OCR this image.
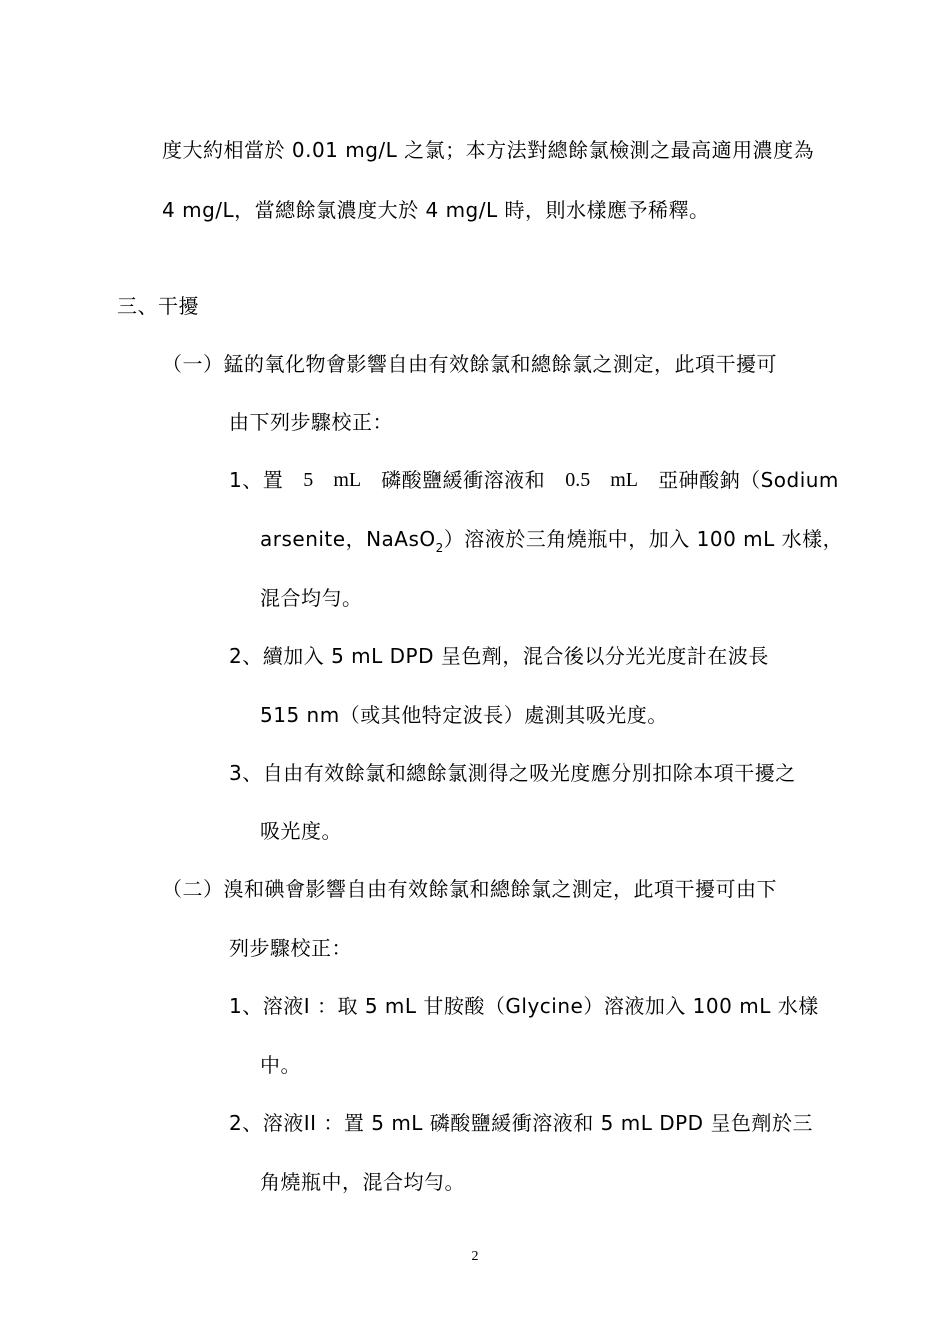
度大約相當於 0.01 mg/L 之氯；本方法對總餘氯檢測之最高適用濃度為
4 mg/L，當總餘氯濃度大於 4 mg/L 時，則水樣應予稀釋。
三、干擾
（一）錳的氧化物會影響自由有效餘氯和總餘氯之測定，此項干擾可
由下列步驟校正：
1、置 5 mL 磷酸鹽緩衝溶液和 0.5 mL 亞砷酸鈉（Sodium
arsenite，NaAsO$_2$）溶液於三角燒瓶中，加入 100 mL 水樣，
混合均勻。
2、續加入 5 mL DPD 呈色劑，混合後以分光光度計在波長
515 nm（或其他特定波長）處測其吸光度。
3、自由有效餘氯和總餘氯測得之吸光度應分別扣除本項干擾之
吸光度。
（二）溴和碘會影響自由有效餘氯和總餘氯之測定，此項干擾可由下
列步驟校正：
1、溶液I ：取 5 mL 甘胺酸（Glycine）溶液加入 100 mL 水樣
中。
2、溶液II ：置 5 mL 磷酸鹽緩衝溶液和 5 mL DPD 呈色劑於三
角燒瓶中，混合均勻。
2
